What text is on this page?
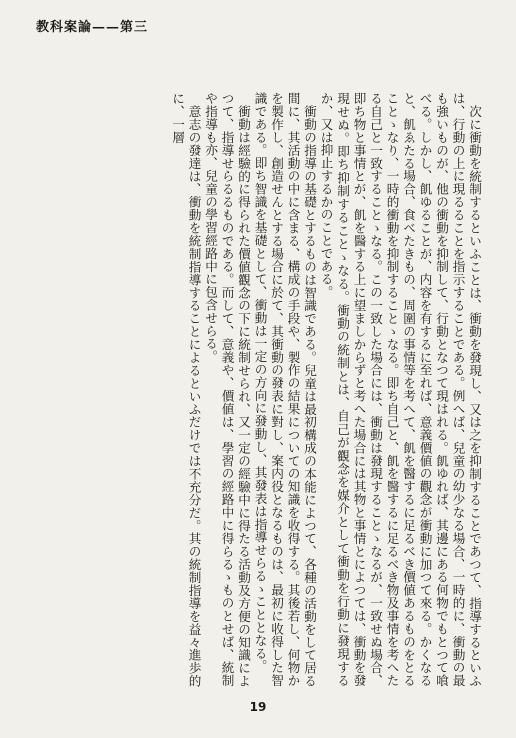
教科案論——第三

次に衝動を統制するといふことは、衝動を發現し、又は之を抑制することであつて、指導するといふは、行動の上に現るることを指示することである。例へば、兒童の幼少なる場合、一時的に、衝動の最も強いものが、他の衝動を抑制して、行動となつて現はれる。飢ゆれば、其邊にある何物でもとつて喰べる。しかし、飢ゆることが、内容を有するに至れば、意義價値の觀念が衝動に加つて來る。かくなると、飢ゑたる場合、食べたきもの、周圍の事情等を考へて、飢を醫するに足るべき價値あるものをとることゝなり、一時的衝動を抑制することゝなる。即ち自己と、飢を醫するに足るべき物及事情を考へたる自己と一致することゝなる。この一致した場合には、衝動は發現することゝなるが、一致せぬ場合、即ち物と事情とが、飢を醫する上に望ましからずと考へた場合には其物と事情とによつては、衝動を發現せぬ。即ち抑制することゝなる。衝動の統制とは、自己が觀念を媒介として衝動を行動に發現するか、又は抑止するかのことである。

衝動の指導の基礎とするものは智識である。兒童は最初構成の本能によつて、各種の活動をして居る間に、其活動の中に含まる、構成の手段や、製作の結果についての知識を收得する。其後若し、何物かを製作し、創造せんとする場合に於て、其衝動の發表に對し、案内役となるものは、最初に收得した智識である。即ち智識を基礎として、衝動は一定の方向に發動し、其發表は指導せらるゝこととなる。

衝動は經驗的に得られた價値觀念の下に統制せられ、又一定の經驗中に得たる活動及方便の知識によつて、指導せらるるものである。而して、意義や、價値は、學習の經路中に得らるゝものとせば、統制や指導も亦、兒童の學習經路中に包含せらる。

意志の發達は、衝動を統制指導することによるといふだけでは不充分だ。其の統制指導を益々進歩的に、一層

19
